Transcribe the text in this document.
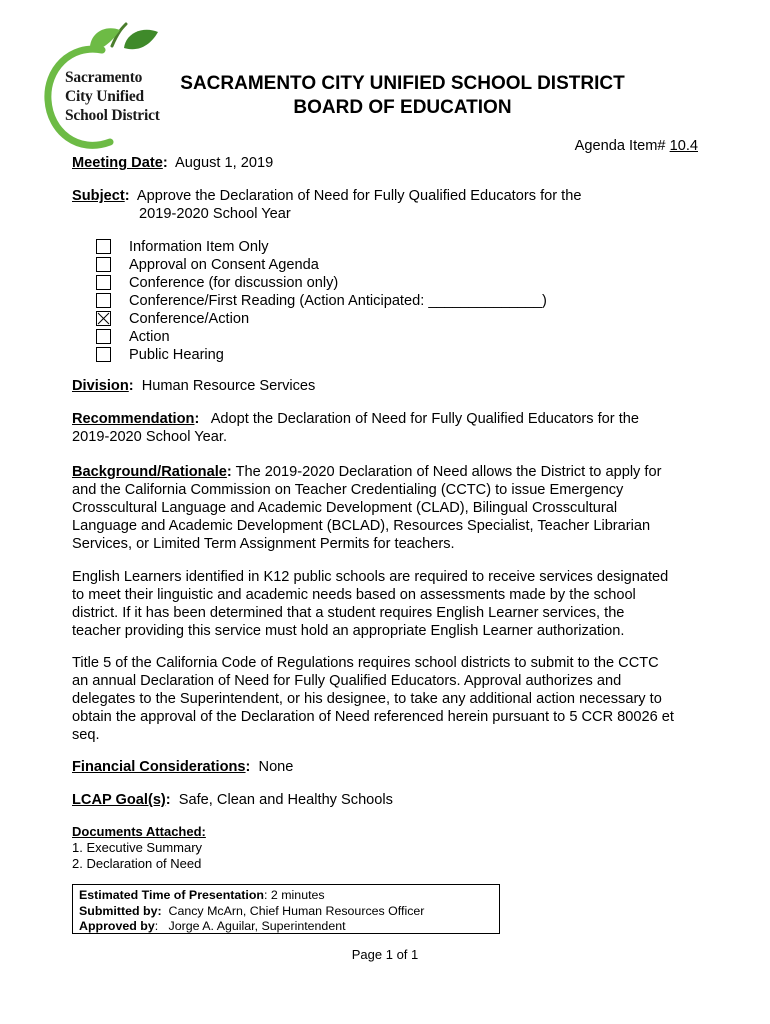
Sacramento
City Unified
School District
SACRAMENTO CITY UNIFIED SCHOOL DISTRICT
BOARD OF EDUCATION
Agenda Item# 10.4
Meeting Date: August 1, 2019
Subject: Approve the Declaration of Need for Fully Qualified Educators for the
2019-2020 School Year
Information Item Only
Approval on Consent Agenda
Conference (for discussion only)
Conference/First Reading (Action Anticipated: ______________)
Conference/Action
Action
Public Hearing
Division: Human Resource Services
Recommendation: Adopt the Declaration of Need for Fully Qualified Educators for the
2019-2020 School Year.
Background/Rationale: The 2019-2020 Declaration of Need allows the District to apply for
and the California Commission on Teacher Credentialing (CCTC) to issue Emergency
Crosscultural Language and Academic Development (CLAD), Bilingual Crosscultural
Language and Academic Development (BCLAD), Resources Specialist, Teacher Librarian
Services, or Limited Term Assignment Permits for teachers.
English Learners identified in K12 public schools are required to receive services designated
to meet their linguistic and academic needs based on assessments made by the school
district. If it has been determined that a student requires English Learner services, the
teacher providing this service must hold an appropriate English Learner authorization.
Title 5 of the California Code of Regulations requires school districts to submit to the CCTC
an annual Declaration of Need for Fully Qualified Educators. Approval authorizes and
delegates to the Superintendent, or his designee, to take any additional action necessary to
obtain the approval of the Declaration of Need referenced herein pursuant to 5 CCR 80026 et
seq.
Financial Considerations: None
LCAP Goal(s): Safe, Clean and Healthy Schools
Documents Attached:
1. Executive Summary
2. Declaration of Need
Estimated Time of Presentation: 2 minutes
Submitted by: Cancy McArn, Chief Human Resources Officer
Approved by:   Jorge A. Aguilar, Superintendent
Page 1 of 1
